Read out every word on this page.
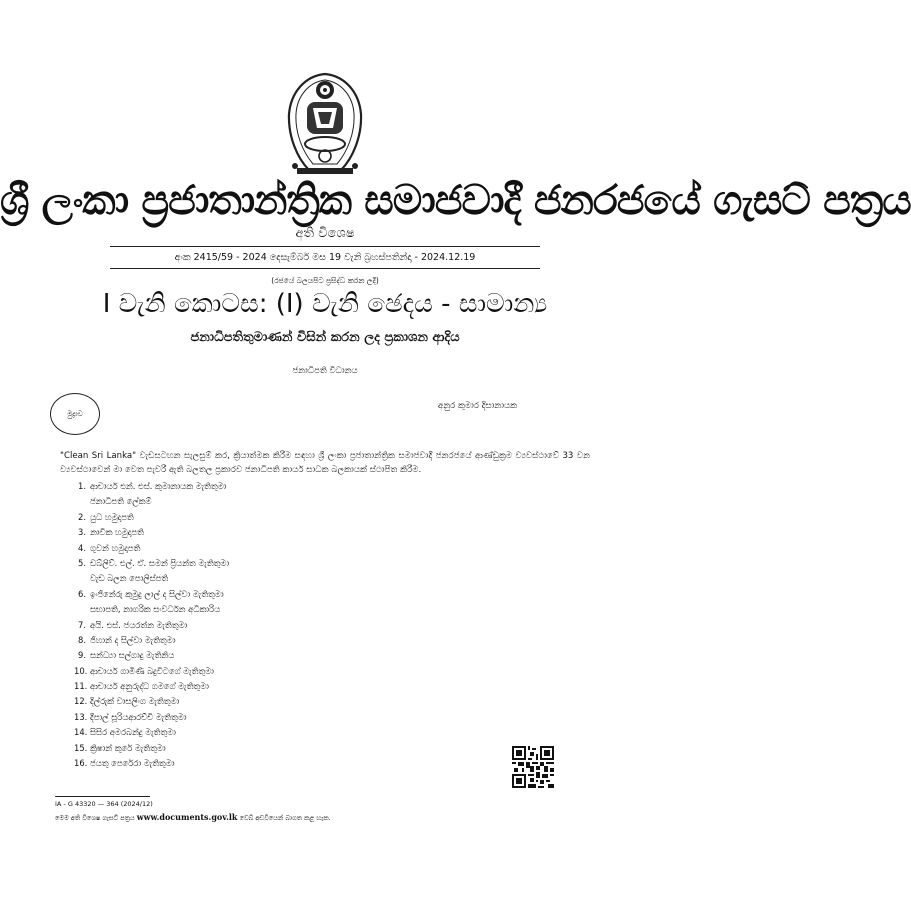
ශ්‍රී ලංකා ප්‍රජාතාන්ත්‍රික සමාජවාදී ජනරජයේ ගැසට් පත්‍රය
අති විශෙෂ
අංක 2415/59 - 2024 දෙසැම්බර් මස 19 වැනි බ්‍රහස්පතින්දා - 2024.12.19
(රජයේ බලයපිට ප්‍රසිද්ධ කරන ලදී)
I වැනි කොටස: (I) වැනි ඡෙදය - සාමාන්‍ය
ජනාධිපතිතුමාණන් විසින් කරන ලද ප්‍රකාශන ආදිය
ජනාධිපති විධානය
මුද්‍රාව
අනුර කුමාර දිසානායක
"Clean Sri Lanka" වැඩසටහන සැලසුම් කර, ක්‍රියාත්මක කිරීම සඳහා ශ්‍රී ලංකා ප්‍රජාතාන්ත්‍රික සමාජවාදී ජනරජයේ ආණ්ඩුක්‍රම ව්‍යවස්ථාවේ 33 වන ව්‍යවස්ථාවෙන් මා වෙත පැවරී ඇති බලතල ප්‍රකාරව ජනාධිපති කාර්ය සාධක බලකායක් ස්ථාපිත කිරීම.
1. ආචාර්ය එන්. එස්. කුමානායක මැතිතුමා
ජනාධිපති ලේකම්
2. යුධ හමුදාපති
3. නාවික හමුදාපති
4. ගුවන් හමුදාපති
5. ඩබ්ලිව්. එල්. ඒ. සමන් ප්‍රියන්ත මැතිතුමා
වැඩ බලන පොලිස්පති
6. ඉංජිනේරු කුමුදු ලාල් ද සිල්වා මැතිතුමා
සභාපති, නාගරික සංවර්ධන අධිකාරිය
7. අයි. එස්. ජයරත්න මැතිතුමා
8. ජිහාන් ද සිල්වා මැතිතුමා
9. සන්ධ්‍යා සල්ගාදු මැතිනිය
10. ආචාර්ය ගාමිණී බදුවිටගේ මැතිතුමා
11. ආචාර්ය අනුරුද්ධ ගමගේ මැතිතුමා
12. දිල්රුක් වාසලිංග මැතිතුමා
13. දීපාල් සූරියආරච්චි මැතිතුමා
14. සිසිර අමරබන්දු මැතිතුමා
15. ක්‍රිෂාන් කුරේ මැතිතුමා
16. ජයතු පෙරේරා මැතිතුමා
IA - G 43320 — 364 (2024/12)
මෙම අති විශෙෂ ගැසට් පත්‍රය www.documents.gov.lk වෙබ් අඩවියෙන් බාගත කළ හැක.
